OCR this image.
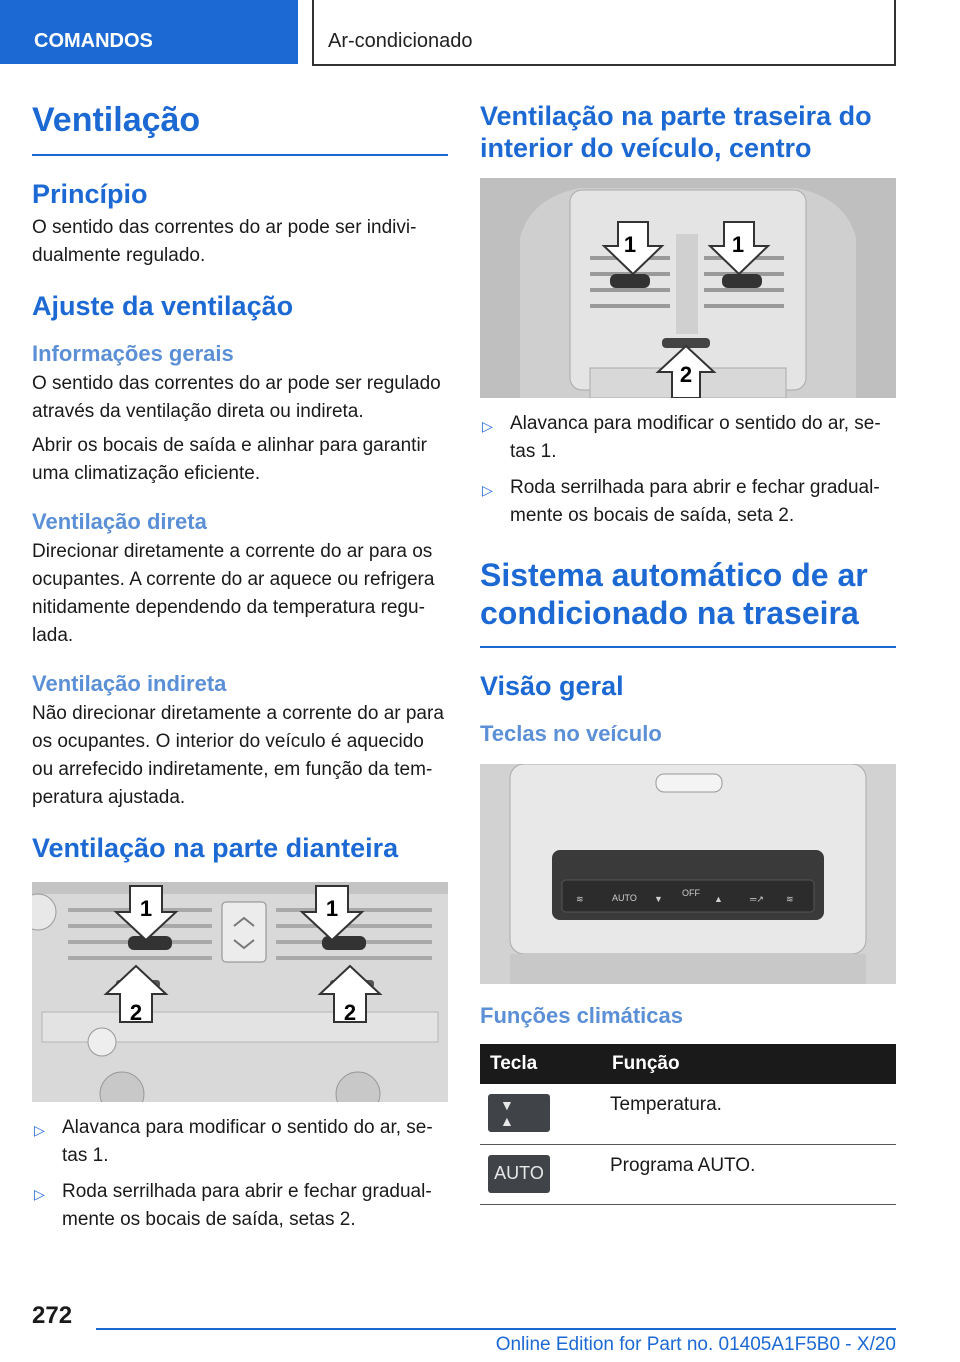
COMANDOS	Ar-condicionado
Ventilação
Princípio

O sentido das correntes do ar pode ser individualmente regulado.

Ajuste da ventilação
Informações gerais

O sentido das correntes do ar pode ser regulado através da ventilação direta ou indireta.

Abrir os bocais de saída e alinhar para garantir uma climatização eficiente.

Ventilação direta

Direcionar diretamente a corrente do ar para os ocupantes. A corrente do ar aquece ou refrigera nitidamente dependendo da temperatura regulada.

Ventilação indireta

Não direcionar diretamente a corrente do ar para os ocupantes. O interior do veículo é aquecido ou arrefecido indiretamente, em função da temperatura ajustada.

Ventilação na parte dianteira
1	1
2	2
▷ Alavanca para modificar o sentido do ar, setas 1.
▷ Roda serrilhada para abrir e fechar gradualmente os bocais de saída, setas 2.
Ventilação na parte traseira do interior do veículo, centro
1	1
2
▷ Alavanca para modificar o sentido do ar, setas 1.
▷ Roda serrilhada para abrir e fechar gradualmente os bocais de saída, seta 2.
Sistema automático de ar condicionado na traseira
Visão geral
Teclas no veículo
≋	AUTO ▼
OFF
▲	═↗ ≋
Funções climáticas
Tecla	Função

▼ ▲	Temperatura.

AUTO	Programa AUTO.
272
Online Edition for Part no. 01405A1F5B0 - X/20
